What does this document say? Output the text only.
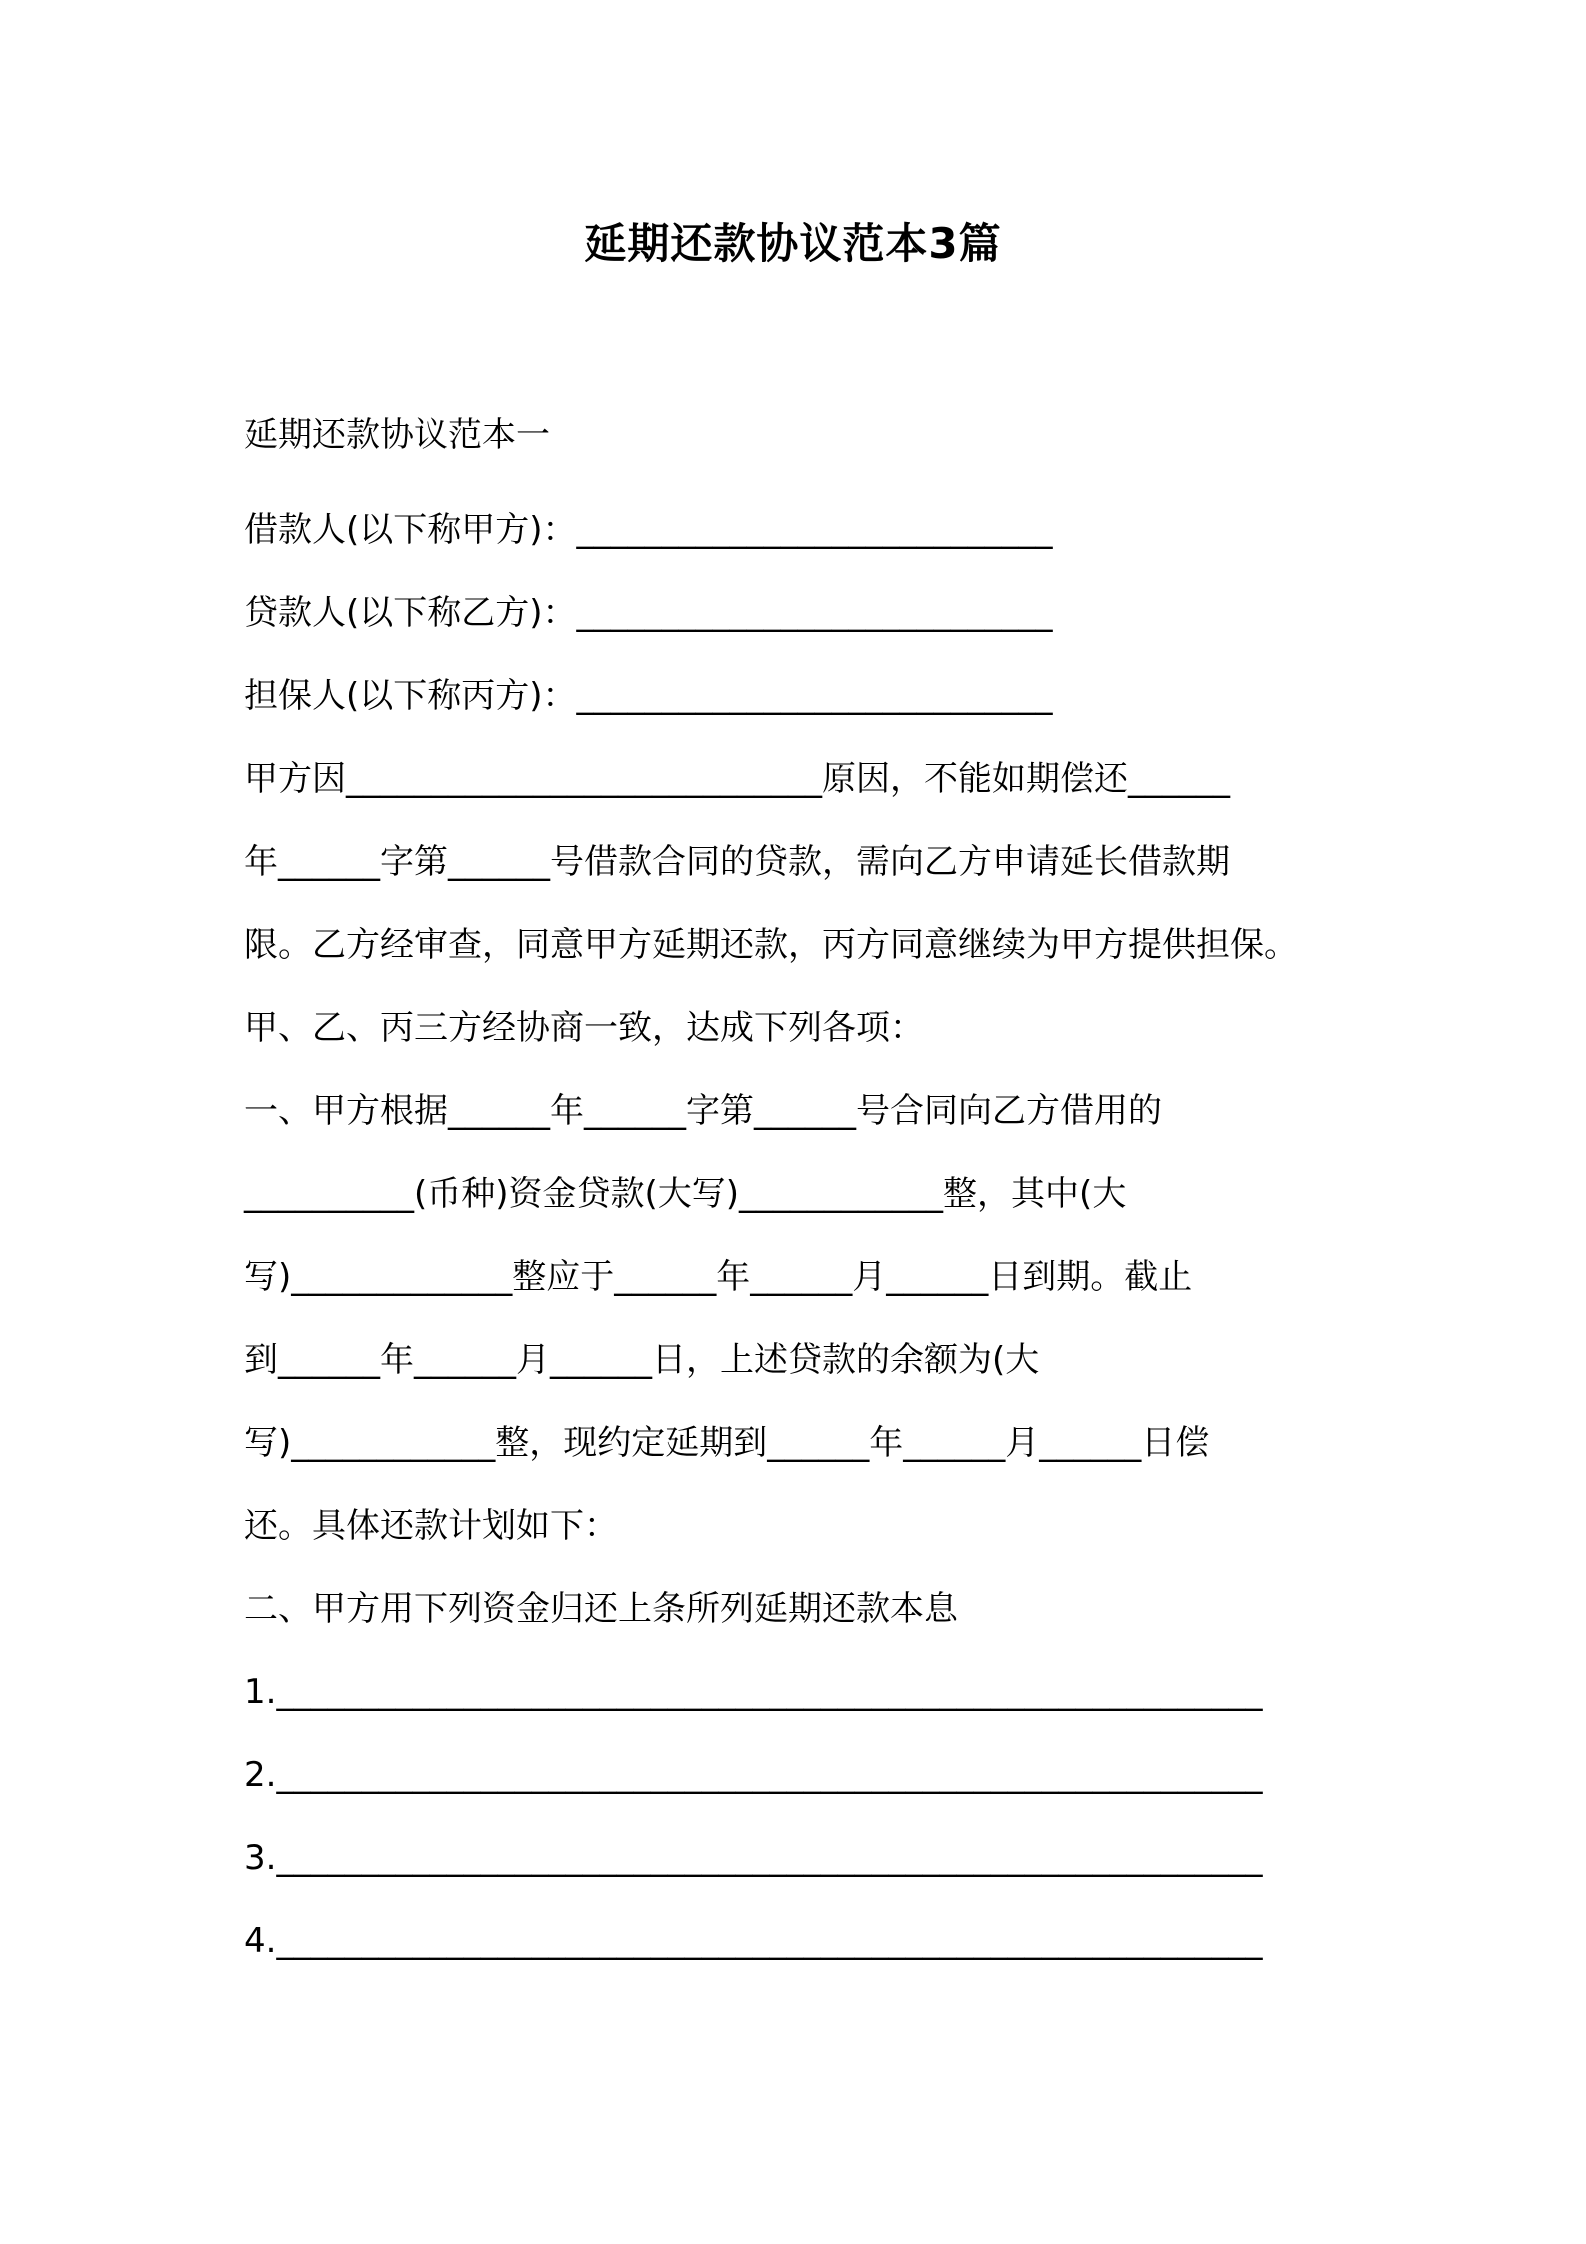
延期还款协议范本3篇

延期还款协议范本一

借款人(以下称甲方)：____________________________

贷款人(以下称乙方)：____________________________

担保人(以下称丙方)：____________________________

甲方因____________________________原因，不能如期偿还______

年______字第______号借款合同的贷款，需向乙方申请延长借款期

限。乙方经审查，同意甲方延期还款，丙方同意继续为甲方提供担保。

甲、乙、丙三方经协商一致，达成下列各项：

一、甲方根据______年______字第______号合同向乙方借用的

__________(币种)资金贷款(大写)____________整，其中(大

写)_____________整应于______年______月______日到期。截止

到______年______月______日，上述贷款的余额为(大

写)____________整，现约定延期到______年______月______日偿

还。具体还款计划如下：

二、甲方用下列资金归还上条所列延期还款本息

1.__________________________________________________________

2.__________________________________________________________

3.__________________________________________________________

4.__________________________________________________________
